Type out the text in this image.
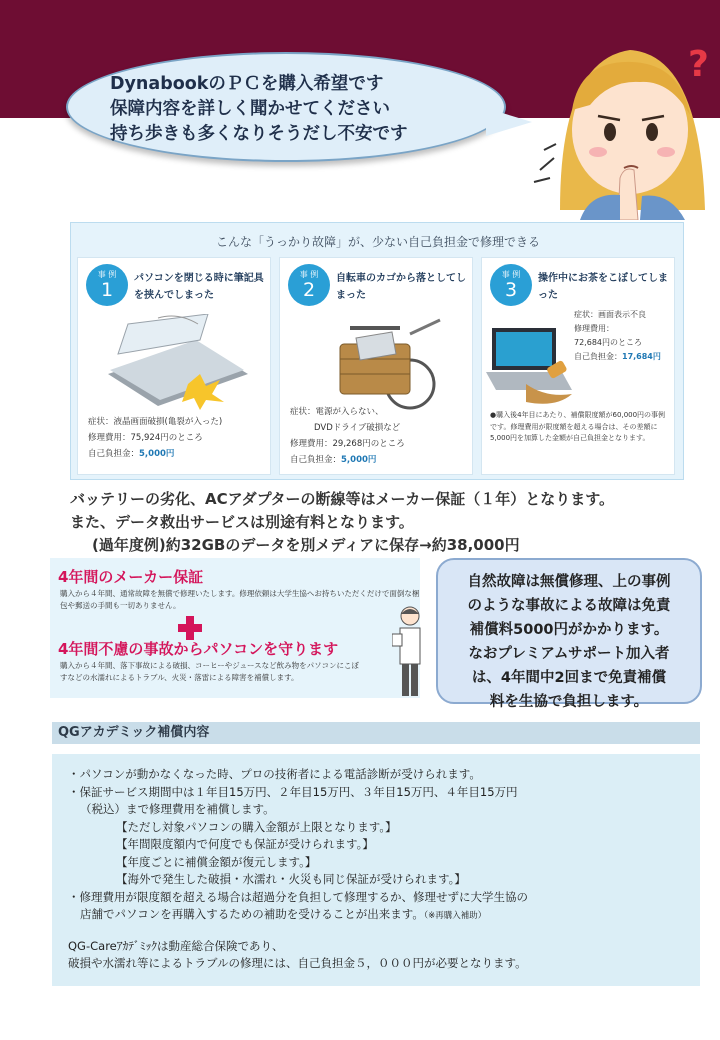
DynabookのＰＣを購入希望です
保障内容を詳しく聞かせてください
持ち歩きも多くなりそうだし不安です
?
こんな「うっかり故障」が、少ない自己負担金で修理できる
事 例
1
パソコンを閉じる時に筆記具を挟んでしまった
症状：液晶画面破損(亀裂が入った)
修理費用：75,924円のところ
自己負担金：5,000円
事 例
2
自転車のカゴから落としてしまった
症状：電源が入らない、
DVDドライブ破損など
修理費用：29,268円のところ
自己負担金：5,000円
事 例
3
操作中にお茶をこぼしてしまった
症状：画面表示不良
修理費用：
72,684円のところ
自己負担金：17,684円
●購入後4年目にあたり、補償限度額が60,000円の事例です。修理費用が限度額を超える場合は、その差額に5,000円を加算した金額が自己負担金となります。
バッテリーの劣化、ACアダプターの断線等はメーカー保証（１年）となります。
また、データ救出サービスは別途有料となります。
(過年度例)約32GBのデータを別メディアに保存→約38,000円
4年間のメーカー保証
購入から４年間、通常故障を無償で修理いたします。修理依頼は大学生協へお持ちいただくだけで面倒な梱包や郵送の手間も一切ありません。
4年間不慮の事故からパソコンを守ります
購入から４年間、落下事故による破損、コーヒーやジュースなど飲み物をパソコンにこぼすなどの水濡れによるトラブル、火災・落雷による障害を補償します。
自然故障は無償修理、上の事例
のような事故による故障は免責
補償料5000円がかかります。
なおプレミアムサポート加入者
は、4年間中2回まで免責補償
料を生協で負担します。
QGアカデミック補償内容
・パソコンが動かなくなった時、プロの技術者による電話診断が受けられます。
・保証サービス期間中は１年目15万円、２年目15万円、３年目15万円、４年目15万円
（税込）まで修理費用を補償します。
【ただし対象パソコンの購入金額が上限となります。】
【年間限度額内で何度でも保証が受けられます。】
【年度ごとに補償金額が復元します。】
【海外で発生した破損・水濡れ・火災も同じ保証が受けられます。】
・修理費用が限度額を超える場合は超過分を負担して修理するか、修理せずに大学生協の
店舗でパソコンを再購入するための補助を受けることが出来ます。（※再購入補助）
QG-Careｱｶﾃﾞﾐｯｸは動産総合保険であり、
破損や水濡れ等によるトラブルの修理には、自己負担金５，０００円が必要となります。
